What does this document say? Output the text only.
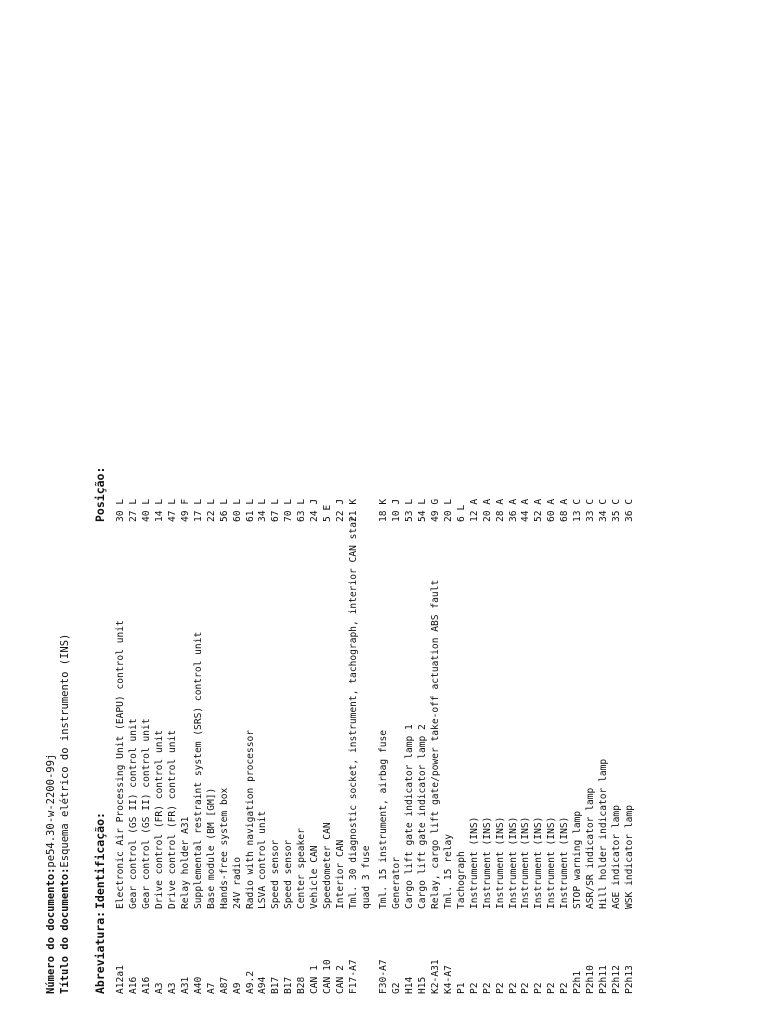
Número do documento:pe54.30-w-2200-99j
Título do documento:Esquema elétrico do instrumento (INS)
Abreviatura:
Identificação:
Posição:
A12a1
Electronic Air Processing Unit (EAPU) control unit
30 L
A16
Gear control (GS II) control unit
27 L
A16
Gear control (GS II) control unit
40 L
A3
Drive control (FR) control unit
14 L
A3
Drive control (FR) control unit
47 L
A31
Relay holder A31
49 F
A40
Supplemental restraint system (SRS) control unit
17 L
A7
Base module (BM [GM])
22 L
A87
Hands-free system box
56 L
A9
24V radio
60 L
A9.2
Radio with navigation processor
61 L
A94
LSVA control unit
34 L
B17
Speed sensor
67 L
B17
Speed sensor
70 L
B28
Center speaker
63 L
CAN 1
Vehicle CAN
24 J
CAN 10
Speedometer CAN
5 E
CAN 2
Interior CAN
22 J
F17-A7
Tml. 30 diagnostic socket, instrument, tachograph, interior CAN star
21 K
quad 3 fuse
F30-A7
Tml. 15 instrument, airbag fuse
18 K
G2
Generator
10 J
H14
Cargo lift gate indicator lamp 1
53 L
H15
Cargo lift gate indicator lamp 2
54 L
K2-A31
Relay, cargo lift gate/power take-off actuation ABS fault
49 G
K4-A7
Tml. 15 relay
20 L
P1
Tachograph
6 L
P2
Instrument (INS)
12 A
P2
Instrument (INS)
20 A
P2
Instrument (INS)
28 A
P2
Instrument (INS)
36 A
P2
Instrument (INS)
44 A
P2
Instrument (INS)
52 A
P2
Instrument (INS)
60 A
P2
Instrument (INS)
68 A
P2h1
STOP warning lamp
13 C
P2h10
ASR/SR indicator lamp
33 C
P2h11
Hill holder indicator lamp
34 C
P2h12
AGE indicator lamp
35 C
P2h13
WSK indicator lamp
36 C
